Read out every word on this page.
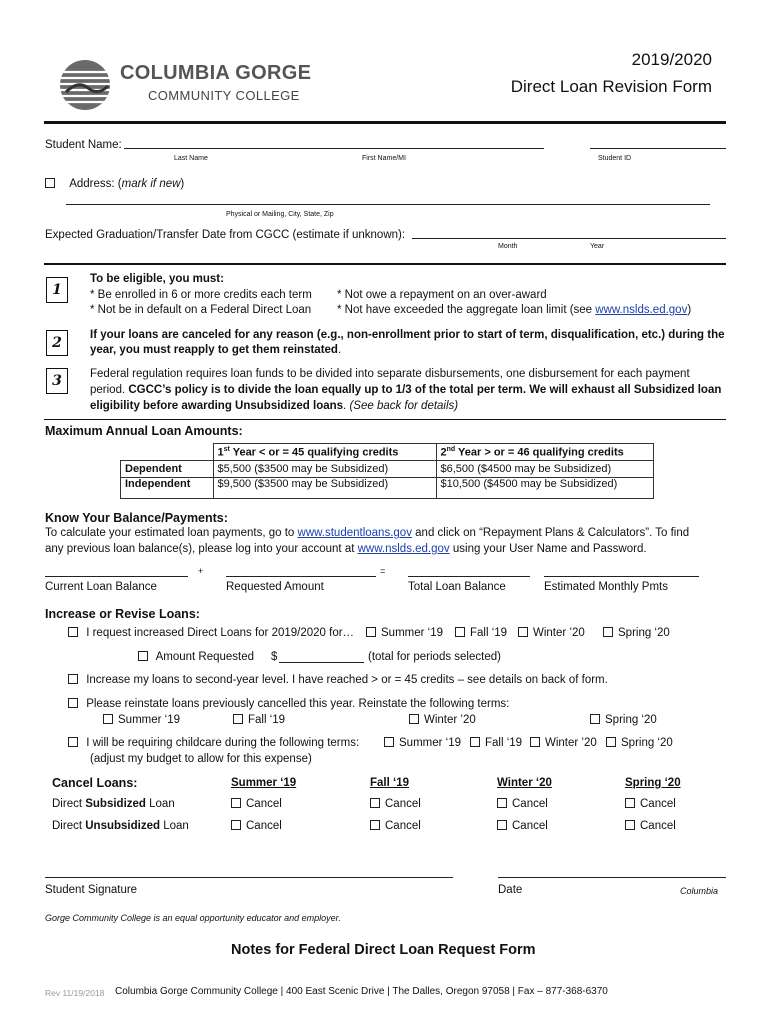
COLUMBIA GORGE
COMMUNITY COLLEGE
2019/2020
Direct Loan Revision Form
Student Name:
Last Name	First Name/MI	Student ID
Address: (mark if new)
Physical or Mailing, City, State, Zip
Expected Graduation/Transfer Date from CGCC (estimate if unknown):
Month	Year
1
To be eligible, you must:
* Be enrolled in 6 or more credits each term * Not owe a repayment on an over-award
* Not be in default on a Federal Direct Loan * Not have exceeded the aggregate loan limit (see www.nslds.ed.gov)
2	If your loans are canceled for any reason (e.g., non-enrollment prior to start of term, disqualification, etc.) during the
year, you must reapply to get them reinstated.
3	Federal regulation requires loan funds to be divided into separate disbursements, one disbursement for each payment
period. CGCC’s policy is to divide the loan equally up to 1/3 of the total per term. We will exhaust all Subsidized loan
eligibility before awarding Unsubsidized loans. (See back for details)
Maximum Annual Loan Amounts:
	1st Year < or = 45 qualifying credits	2nd Year > or = 46 qualifying credits
Dependent	$5,500 ($3500 may be Subsidized)	$6,500 ($4500 may be Subsidized)
Independent	$9,500 ($3500 may be Subsidized)	$10,500 ($4500 may be Subsidized)
Know Your Balance/Payments:
To calculate your estimated loan payments, go to www.studentloans.gov and click on “Repayment Plans & Calculators”. To find
any previous loan balance(s), please log into your account at www.nslds.ed.gov using your User Name and Password.
+	=
Current Loan Balance	Requested Amount	Total Loan Balance	Estimated Monthly Pmts
Increase or Revise Loans:
I request increased Direct Loans for 2019/2020 for…	Summer ‘19	Fall ‘19	Winter ’20	Spring ‘20
Amount Requested $	(total for periods selected)
Increase my loans to second-year level. I have reached > or = 45 credits – see details on back of form.
Please reinstate loans previously cancelled this year. Reinstate the following terms:
Summer ‘19	Fall ‘19	Winter ’20	Spring ‘20
I will be requiring childcare during the following terms:	Summer ‘19	Fall ‘19	Winter ’20	Spring ‘20
(adjust my budget to allow for this expense)
Cancel Loans:	Summer ‘19	Fall ‘19	Winter ‘20	Spring ‘20
Direct Subsidized Loan	Cancel	Cancel	Cancel	Cancel
Direct Unsubsidized Loan	Cancel	Cancel	Cancel	Cancel
Student Signature	Date	Columbia
Gorge Community College is an equal opportunity educator and employer.
Notes for Federal Direct Loan Request Form
Rev 11/19/2018 Columbia Gorge Community College | 400 East Scenic Drive | The Dalles, Oregon 97058 | Fax – 877-368-6370
